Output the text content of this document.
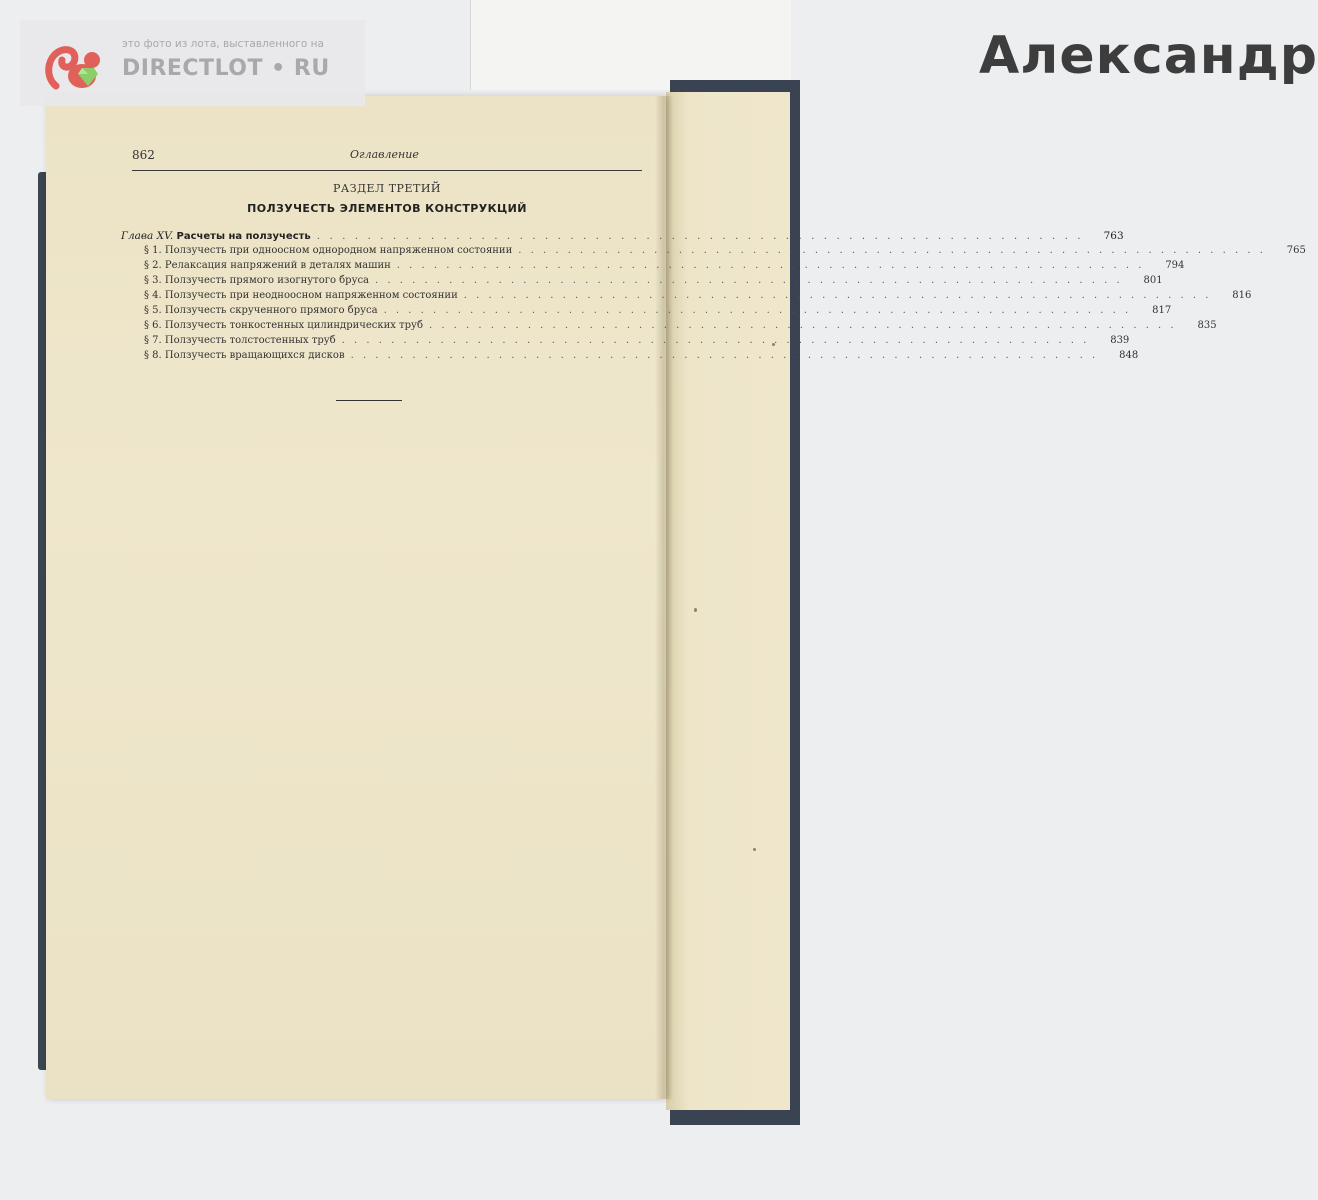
Александр
862	Оглавление
РАЗДЕЛ ТРЕТИЙ
ПОЛЗУЧЕСТЬ ЭЛЕМЕНТОВ КОНСТРУКЦИЙ
Глава XV. Расчеты на ползучесть . . .	763
§ 1. Ползучесть при одноосном однородном напряженном состоянии . . .	765
§ 2. Релаксация напряжений в деталях машин . . .	794
§ 3. Ползучесть прямого изогнутого бруса . . .	801
§ 4. Ползучесть при неодноосном напряженном состоянии . . .	816
§ 5. Ползучесть скрученного прямого бруса . . .	817
§ 6. Ползучесть тонкостенных цилиндрических труб . . .	835
§ 7. Ползучесть толстостенных труб . . .	839
§ 8. Ползучесть вращающихся дисков . . .	848
это фото из лота, выставленного на
DIRECTLOT • RU
